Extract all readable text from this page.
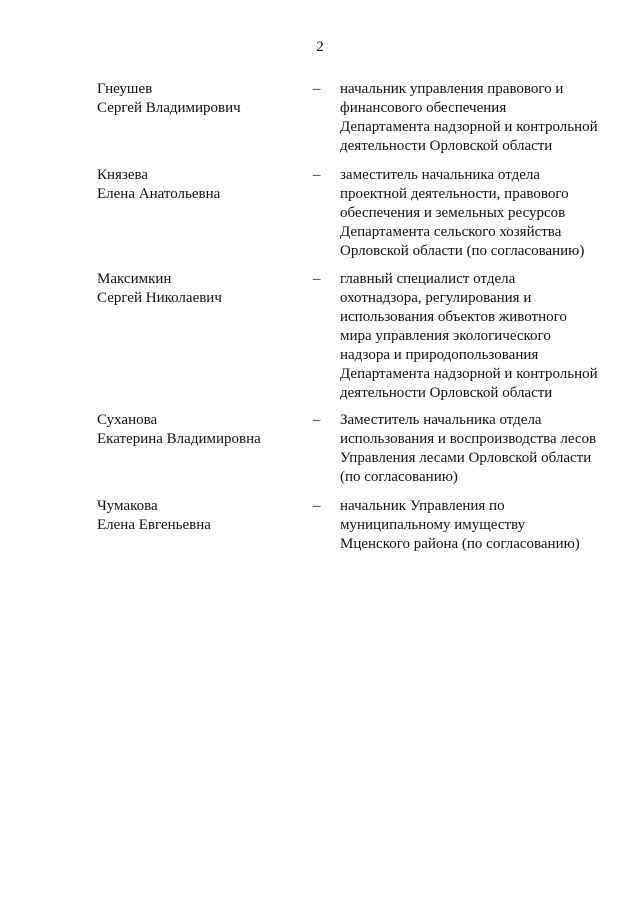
2
Гнеушев
Сергей Владимирович
–	начальник управления правового и
финансового обеспечения
Департамента надзорной и контрольной
деятельности Орловской области
Князева
Елена Анатольевна
–	заместитель начальника отдела
проектной деятельности, правового
обеспечения и земельных ресурсов
Департамента сельского хозяйства
Орловской области (по согласованию)
Максимкин
Сергей Николаевич
–	главный специалист отдела
охотнадзора, регулирования и
использования объектов животного
мира управления экологического
надзора и природопользования
Департамента надзорной и контрольной
деятельности Орловской области
Суханова
Екатерина Владимировна
–	Заместитель начальника отдела
использования и воспроизводства лесов
Управления лесами Орловской области
(по согласованию)
Чумакова
Елена Евгеньевна
–	начальник Управления по
муниципальному имуществу
Мценского района (по согласованию)
